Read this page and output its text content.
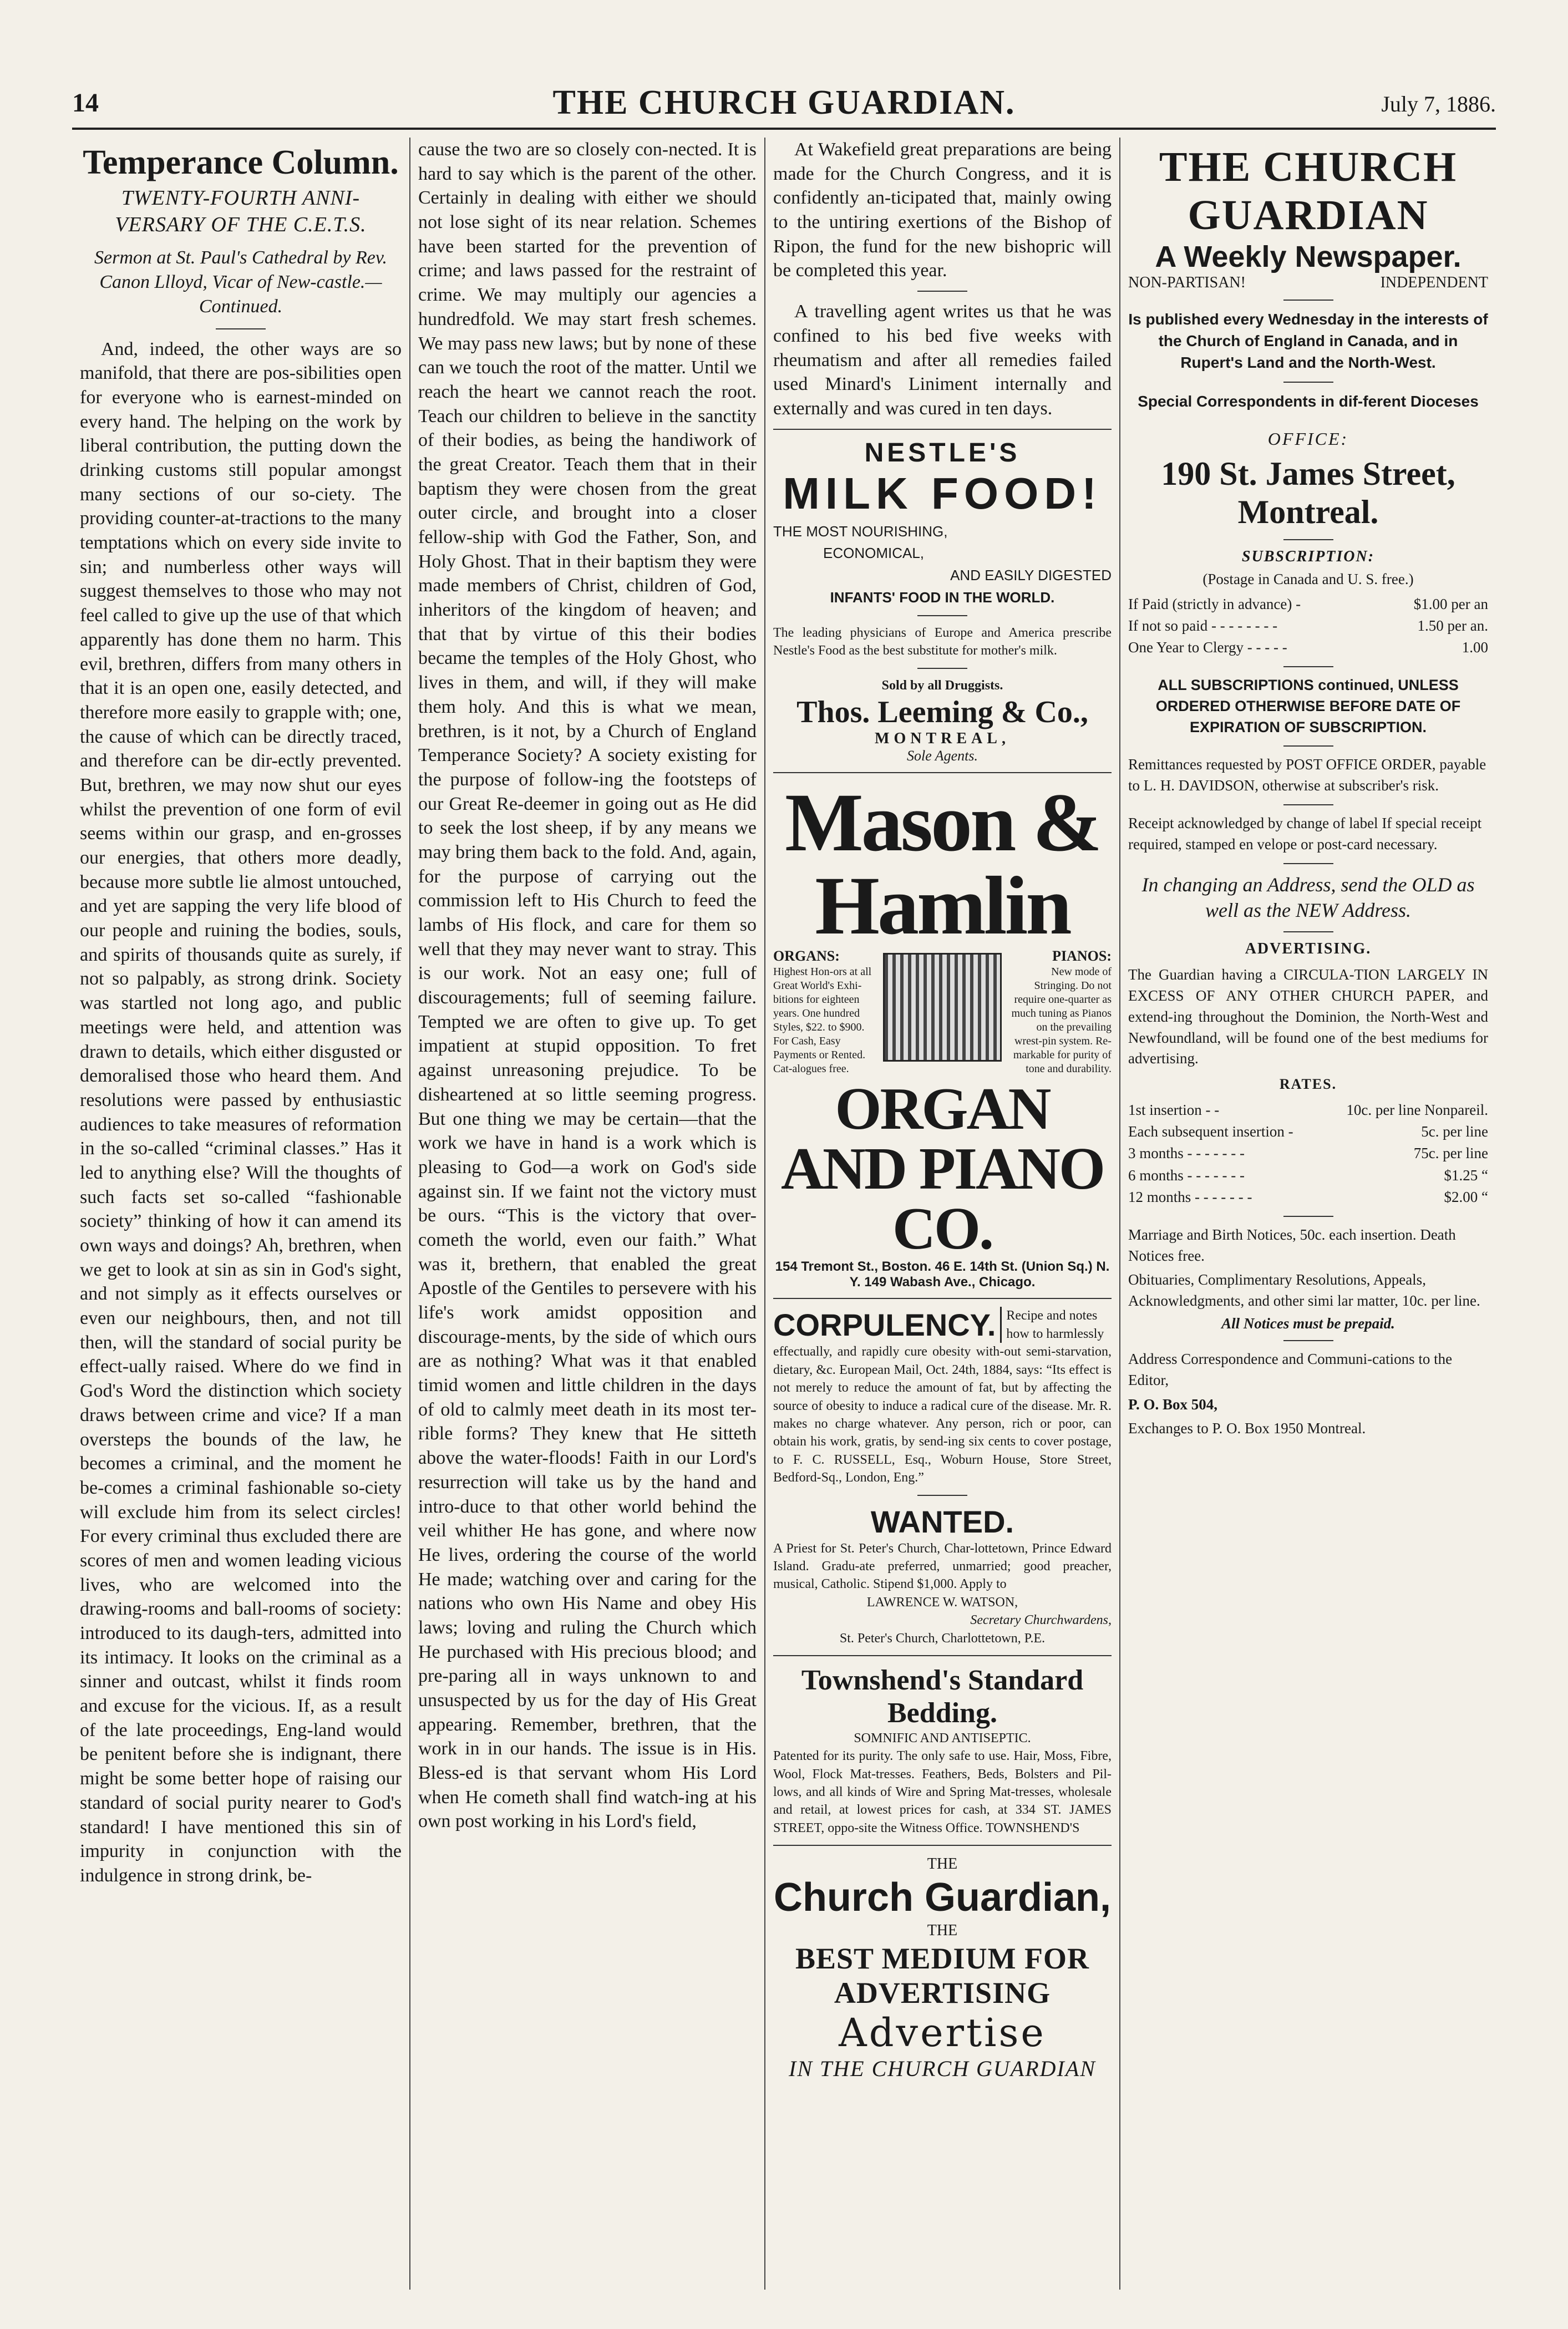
14	THE CHURCH GUARDIAN.	July 7, 1886.
Temperance Column.
TWENTY-FOURTH ANNI-
VERSARY OF THE C.E.T.S.
Sermon at St. Paul's Cathedral by Rev. Canon Llloyd, Vicar of New-castle.—Continued.

And, indeed, the other ways are so manifold, that there are pos-sibilities open for everyone who is earnest-minded on every hand. The helping on the work by liberal contribution, the putting down the drinking customs still popular amongst many sections of our so-ciety. The providing counter-at-tractions to the many temptations which on every side invite to sin; and numberless other ways will suggest themselves to those who may not feel called to give up the use of that which apparently has done them no harm. This evil, brethren, differs from many others in that it is an open one, easily detected, and therefore more easily to grapple with; one, the cause of which can be directly traced, and therefore can be dir-ectly prevented. But, brethren, we may now shut our eyes whilst the prevention of one form of evil seems within our grasp, and en-grosses our energies, that others more deadly, because more subtle lie almost untouched, and yet are sapping the very life blood of our people and ruining the bodies, souls, and spirits of thousands quite as surely, if not so palpably, as strong drink. Society was startled not long ago, and public meetings were held, and attention was drawn to details, which either disgusted or demoralised those who heard them. And resolutions were passed by enthusiastic audiences to take measures of reformation in the so-called “criminal classes.” Has it led to anything else? Will the thoughts of such facts set so-called “fashionable society” thinking of how it can amend its own ways and doings? Ah, brethren, when we get to look at sin as sin in God's sight, and not simply as it effects ourselves or even our neighbours, then, and not till then, will the standard of social purity be effect-ually raised. Where do we find in God's Word the distinction which society draws between crime and vice? If a man oversteps the bounds of the law, he becomes a criminal, and the moment he be-comes a criminal fashionable so-ciety will exclude him from its select circles! For every criminal thus excluded there are scores of men and women leading vicious lives, who are welcomed into the drawing-rooms and ball-rooms of society: introduced to its daugh-ters, admitted into its intimacy. It looks on the criminal as a sinner and outcast, whilst it finds room and excuse for the vicious. If, as a result of the late proceedings, Eng-land would be penitent before she is indignant, there might be some better hope of raising our standard of social purity nearer to God's standard! I have mentioned this sin of impurity in conjunction with the indulgence in strong drink, be-

cause the two are so closely con-nected. It is hard to say which is the parent of the other. Certainly in dealing with either we should not lose sight of its near relation. Schemes have been started for the prevention of crime; and laws passed for the restraint of crime. We may multiply our agencies a hundredfold. We may start fresh schemes. We may pass new laws; but by none of these can we touch the root of the matter. Until we reach the heart we cannot reach the root. Teach our children to believe in the sanctity of their bodies, as being the handiwork of the great Creator. Teach them that in their baptism they were chosen from the great outer circle, and brought into a closer fellow-ship with God the Father, Son, and Holy Ghost. That in their baptism they were made members of Christ, children of God, inheritors of the kingdom of heaven; and that that by virtue of this their bodies became the temples of the Holy Ghost, who lives in them, and will, if they will make them holy. And this is what we mean, brethren, is it not, by a Church of England Temperance Society? A society existing for the purpose of follow-ing the footsteps of our Great Re-deemer in going out as He did to seek the lost sheep, if by any means we may bring them back to the fold. And, again, for the purpose of carrying out the commission left to His Church to feed the lambs of His flock, and care for them so well that they may never want to stray. This is our work. Not an easy one; full of discouragements; full of seeming failure. Tempted we are often to give up. To get impatient at stupid opposition. To fret against unreasoning prejudice. To be disheartened at so little seeming progress. But one thing we may be certain—that the work we have in hand is a work which is pleasing to God—a work on God's side against sin. If we faint not the victory must be ours. “This is the victory that over-cometh the world, even our faith.” What was it, brethern, that enabled the great Apostle of the Gentiles to persevere with his life's work amidst opposition and discourage-ments, by the side of which ours are as nothing? What was it that enabled timid women and little children in the days of old to calmly meet death in its most ter-rible forms? They knew that He sitteth above the water-floods! Faith in our Lord's resurrection will take us by the hand and intro-duce to that other world behind the veil whither He has gone, and where now He lives, ordering the course of the world He made; watching over and caring for the nations who own His Name and obey His laws; loving and ruling the Church which He purchased with His precious blood; and pre-paring all in ways unknown to and unsuspected by us for the day of His Great appearing. Remember, brethren, that the work in in our hands. The issue is in His. Bless-ed is that servant whom His Lord when He cometh shall find watch-ing at his own post working in his Lord's field,

At Wakefield great preparations are being made for the Church Congress, and it is confidently an-ticipated that, mainly owing to the untiring exertions of the Bishop of Ripon, the fund for the new bishopric will be completed this year.

A travelling agent writes us that he was confined to his bed five weeks with rheumatism and after all remedies failed used Minard's Liniment internally and externally and was cured in ten days.

NESTLE'S
MILK FOOD!
THE MOST NOURISHING,
ECONOMICAL,
AND EASILY DIGESTED
INFANTS' FOOD IN THE WORLD.
The leading physicians of Europe and America prescribe Nestle's Food as the best substitute for mother's milk.
Sold by all Druggists.
Thos. Leeming & Co.,
MONTREAL,
Sole Agents.
Mason & Hamlin
ORGANS:
Highest Hon-ors at all Great World's Exhi-bitions for eighteen years. One hundred Styles, $22. to $900. For Cash, Easy Payments or Rented. Cat-alogues free.
PIANOS:
New mode of Stringing. Do not require one-quarter as much tuning as Pianos on the prevailing wrest-pin system. Re-markable for purity of tone and durability.
ORGAN AND PIANO CO.
154 Tremont St., Boston. 46 E. 14th St. (Union Sq.) N. Y. 149 Wabash Ave., Chicago.
CORPULENCY. Recipe and notes how to harmlessly
effectually, and rapidly cure obesity with-out semi-starvation, dietary, &c. European Mail, Oct. 24th, 1884, says: “Its effect is not merely to reduce the amount of fat, but by affecting the source of obesity to induce a radical cure of the disease. Mr. R. makes no charge whatever. Any person, rich or poor, can obtain his work, gratis, by send-ing six cents to cover postage, to F. C. RUSSELL, Esq., Woburn House, Store Street, Bedford-Sq., London, Eng.”
WANTED.
A Priest for St. Peter's Church, Char-lottetown, Prince Edward Island. Gradu-ate preferred, unmarried; good preacher, musical, Catholic. Stipend $1,000. Apply to
LAWRENCE W. WATSON,
Secretary Churchwardens,
St. Peter's Church, Charlottetown, P.E.
Townshend's Standard Bedding.
SOMNIFIC AND ANTISEPTIC.
Patented for its purity. The only safe to use. Hair, Moss, Fibre, Wool, Flock Mat-tresses. Feathers, Beds, Bolsters and Pil-lows, and all kinds of Wire and Spring Mat-tresses, wholesale and retail, at lowest prices for cash, at 334 ST. JAMES STREET, oppo-site the Witness Office. TOWNSHEND'S
THE
Church Guardian,
THE
BEST MEDIUM FOR ADVERTISING
Advertise
IN THE CHURCH GUARDIAN
THE CHURCH GUARDIAN
A Weekly Newspaper.
NON-PARTISAN!	INDEPENDENT

Is published every Wednesday in the interests of the Church of England in Canada, and in Rupert's Land and the North-West.

Special Correspondents in dif-ferent Dioceses

OFFICE:
190 St. James Street, Montreal.
SUBSCRIPTION:
(Postage in Canada and U. S. free.)
If Paid (strictly in advance) -	$1.00 per an
If not so paid - - - - - - - -	1.50 per an.
One Year to Clergy - - - - -	1.00

ALL SUBSCRIPTIONS continued, UNLESS ORDERED OTHERWISE BEFORE DATE OF EXPIRATION OF SUBSCRIPTION.

Remittances requested by POST OFFICE ORDER, payable to L. H. DAVIDSON, otherwise at subscriber's risk.
Receipt acknowledged by change of label If special receipt required, stamped en velope or post-card necessary.
In changing an Address, send the OLD as well as the NEW Address.
ADVERTISING.
The Guardian having a CIRCULA-TION LARGELY IN EXCESS OF ANY OTHER CHURCH PAPER, and extend-ing throughout the Dominion, the North-West and Newfoundland, will be found one of the best mediums for advertising.
RATES.
1st insertion - -	10c. per line Nonpareil.
Each subsequent insertion -	5c. per line
3 months - - - - - - -	75c. per line
6 months - - - - - - -	$1.25 “
12 months - - - - - - -	$2.00 “
Marriage and Birth Notices, 50c. each insertion. Death Notices free.
Obituaries, Complimentary Resolutions, Appeals, Acknowledgments, and other simi lar matter, 10c. per line.
All Notices must be prepaid.
Address Correspondence and Communi-cations to the Editor,
P. O. Box 504,
Exchanges to P. O. Box 1950 Montreal.
